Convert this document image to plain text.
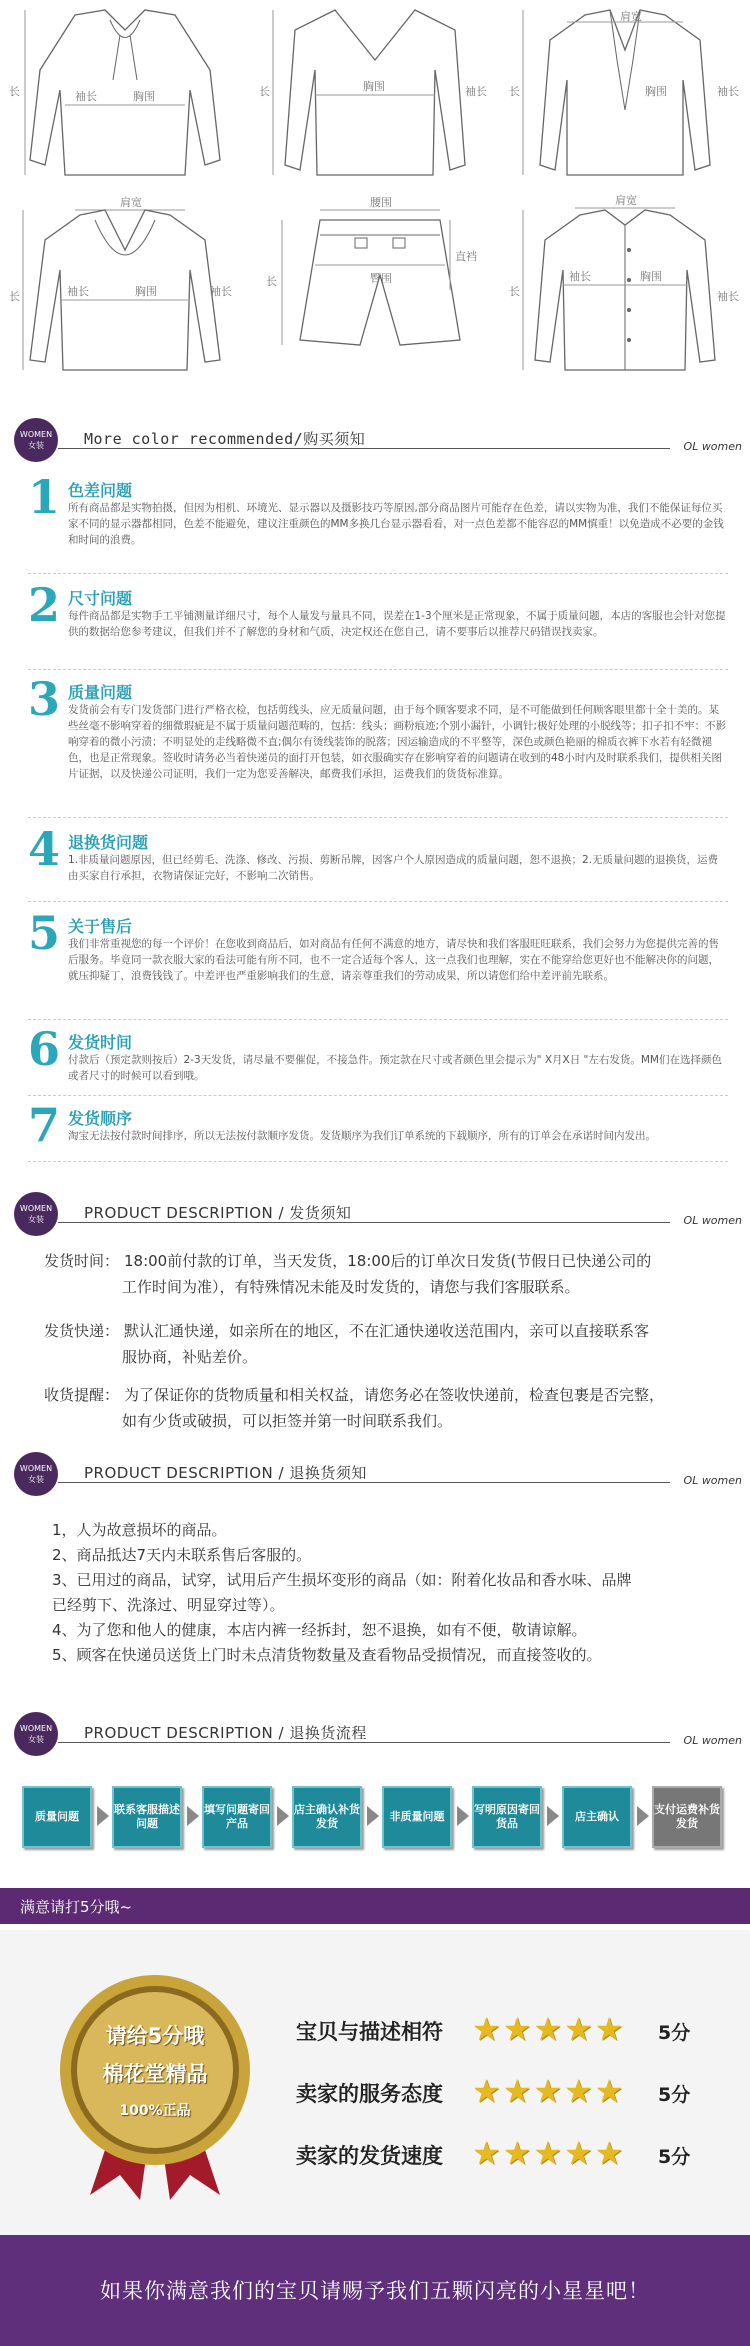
长	胸围
袖长	长	胸围	袖长 长
肩宽
胸围	袖长
长
肩宽
胸围
袖长	袖长
腰围
臀围
直裆
长
长
肩宽
胸围
袖长
袖长
WOMEN
女装	More color recommended/购买须知	OL women
1 色差问题
所有商品都是实物拍摄，但因为相机、环境光、显示器以及摄影技巧等原因,部分商品图片可能存在色差，请以实物为准，我们不能保证每位买家不同的显示器都相同，色差不能避免，建议注重颜色的MM多换几台显示器看看，对一点色差都不能容忍的MM慎重！以免造成不必要的金钱和时间的浪费。
2 尺寸问题
每件商品都是实物手工平铺测量详细尺寸，每个人量发与量具不同，误差在1-3个厘米是正常现象，不属于质量问题，本店的客服也会针对您提供的数据给您参考建议，但我们并不了解您的身材和气质，决定权还在您自己，请不要事后以推荐尺码错误找卖家。
3 质量问题
发货前会有专门发货部门进行严格衣检，包括剪线头，应无质量问题，由于每个顾客要求不同，是不可能做到任何顾客眼里都十全十美的。某些丝毫不影响穿着的细微瑕疵是不属于质量问题范畴的，包括：线头；画粉痕迹;个别小漏针，小调针;极好处理的小脱线等；扣子扣不牢：不影响穿着的微小污渍；不明显处的走线略微不直;偶尔有烫线装饰的脱落；因运输造成的不平整等，深色或颜色艳丽的棉质衣裤下水若有轻微褪色，也是正常现象。签收时请务必当着快递员的面打开包装，如衣服确实存在影响穿着的问题请在收到的48小时内及时联系我们，提供相关图片证据，以及快递公司证明，我们一定为您妥善解决，邮费我们承担，运费我们的货货标准算。
4 退换货问题
1.非质量问题原因，但已经剪毛、洗涤、修改、污损、剪断吊牌，因客户个人原因造成的质量问题，恕不退换；2.无质量问题的退换货，运费由买家自行承担，衣物请保证完好，不影响二次销售。
5 关于售后
我们非常重视您的每一个评价！在您收到商品后，如对商品有任何不满意的地方，请尽快和我们客服旺旺联系，我们会努力为您提供完善的售后服务。毕竟同一款衣服大家的看法可能有所不同，也不一定合适每个客人，这一点我们也理解，实在不能穿给您更好也不能解决你的问题，就压抑疑丁，浪费钱钱了。中差评也严重影响我们的生意，请亲尊重我们的劳动成果，所以请您们给中差评前先联系。
6 发货时间
付款后（预定款则按后）2-3天发货，请尽量不要催促，不接急件。预定款在尺寸或者颜色里会提示为" X月X日 "左右发货。MM们在选择颜色或者尺寸的时候可以看到哦。
7 发货顺序
淘宝无法按付款时间排序，所以无法按付款顺序发货。发货顺序为我们订单系统的下载顺序，所有的订单会在承诺时间内发出。
WOMEN
女装	PRODUCT DESCRIPTION / 发货须知	OL women
发货时间： 18:00前付款的订单，当天发货，18:00后的订单次日发货(节假日已快递公司的
工作时间为准），有特殊情况未能及时发货的，请您与我们客服联系。
发货快递： 默认汇通快递，如亲所在的地区，不在汇通快递收送范围内，亲可以直接联系客
服协商，补贴差价。
收货提醒： 为了保证你的货物质量和相关权益，请您务必在签收快递前，检查包裹是否完整，
如有少货或破损，可以拒签并第一时间联系我们。
WOMEN
女装	PRODUCT DESCRIPTION / 退换货须知	OL women
1，人为故意损坏的商品。
2、商品抵达7天内未联系售后客服的。
3、已用过的商品，试穿，试用后产生损坏变形的商品（如：附着化妆品和香水味、品牌
已经剪下、洗涤过、明显穿过等）。
4、为了您和他人的健康，本店内裤一经拆封，恕不退换，如有不便，敬请谅解。
5、顾客在快递员送货上门时未点清货物数量及查看物品受损情况，而直接签收的。
WOMEN
女装	PRODUCT DESCRIPTION / 退换货流程	OL women
质量问题
联系客服描述问题
填写问题寄回产品
店主确认补货发货
非质量问题
写明原因寄回货品
店主确认
支付运费补货发货
满意请打5分哦~
请给5分哦
棉花堂精品
100%正品
宝贝与描述相符 ★★★★★ 5分
卖家的服务态度 ★★★★★ 5分
卖家的发货速度 ★★★★★ 5分
如果你满意我们的宝贝请赐予我们五颗闪亮的小星星吧！
